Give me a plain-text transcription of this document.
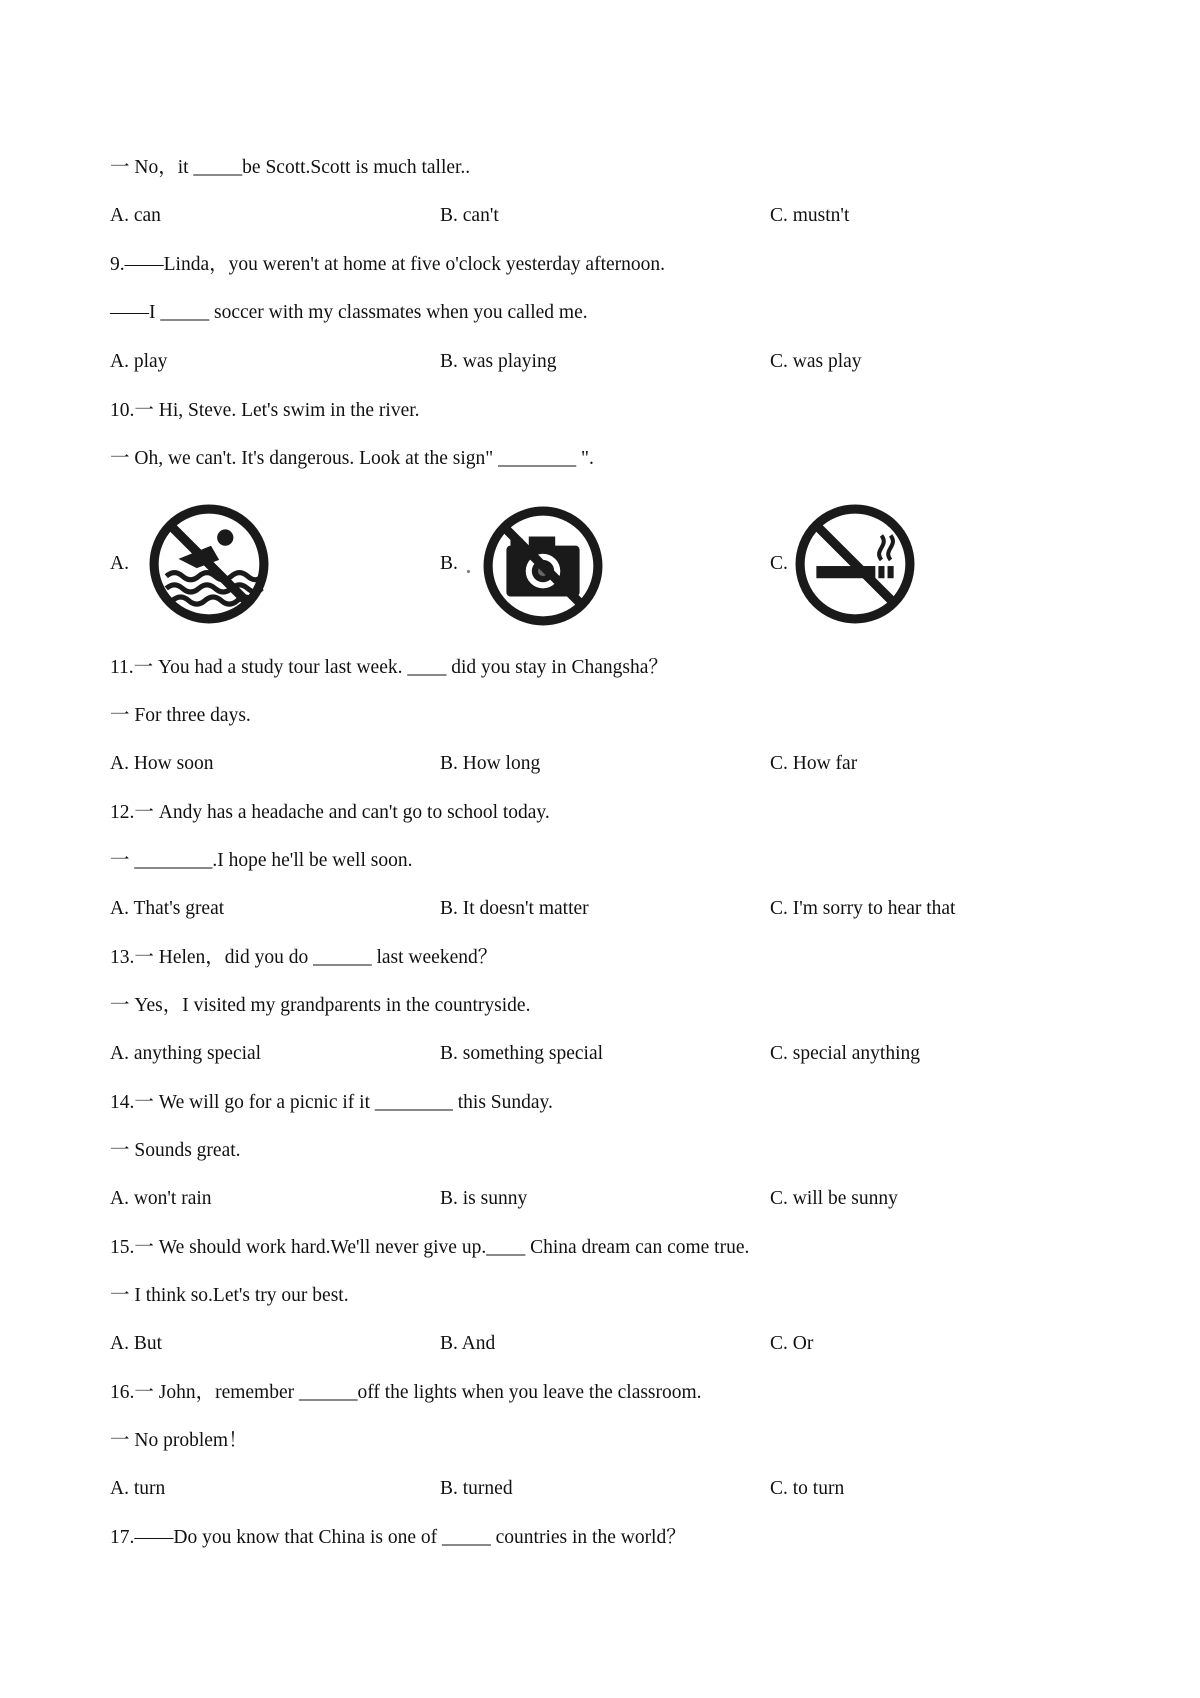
一 No，it _____be Scott.Scott is much taller..
A. can	B. can't	C. mustn't
9.——Linda，you weren't at home at five o'clock yesterday afternoon.
——I _____ soccer with my classmates when you called me.
A. play	B. was playing	C. was play
10.一 Hi, Steve. Let's swim in the river.
一 Oh, we can't. It's dangerous. Look at the sign" ________ ".
A.	B.	C.
11.一 You had a study tour last week. ____ did you stay in Changsha？
一 For three days.
A. How soon	B. How long	C. How far
12.一 Andy has a headache and can't go to school today.
一 ________.I hope he'll be well soon.
A. That's great	B. It doesn't matter	C. I'm sorry to hear that
13.一 Helen，did you do ______ last weekend？
一 Yes，I visited my grandparents in the countryside.
A. anything special	B. something special	C. special anything
14.一 We will go for a picnic if it ________ this Sunday.
一 Sounds great.
A. won't rain	B. is sunny	C. will be sunny
15.一 We should work hard.We'll never give up.____ China dream can come true.
一 I think so.Let's try our best.
A. But	B. And	C. Or
16.一 John，remember ______off the lights when you leave the classroom.
一 No problem！
A. turn	B. turned	C. to turn
17.——Do you know that China is one of _____ countries in the world？
